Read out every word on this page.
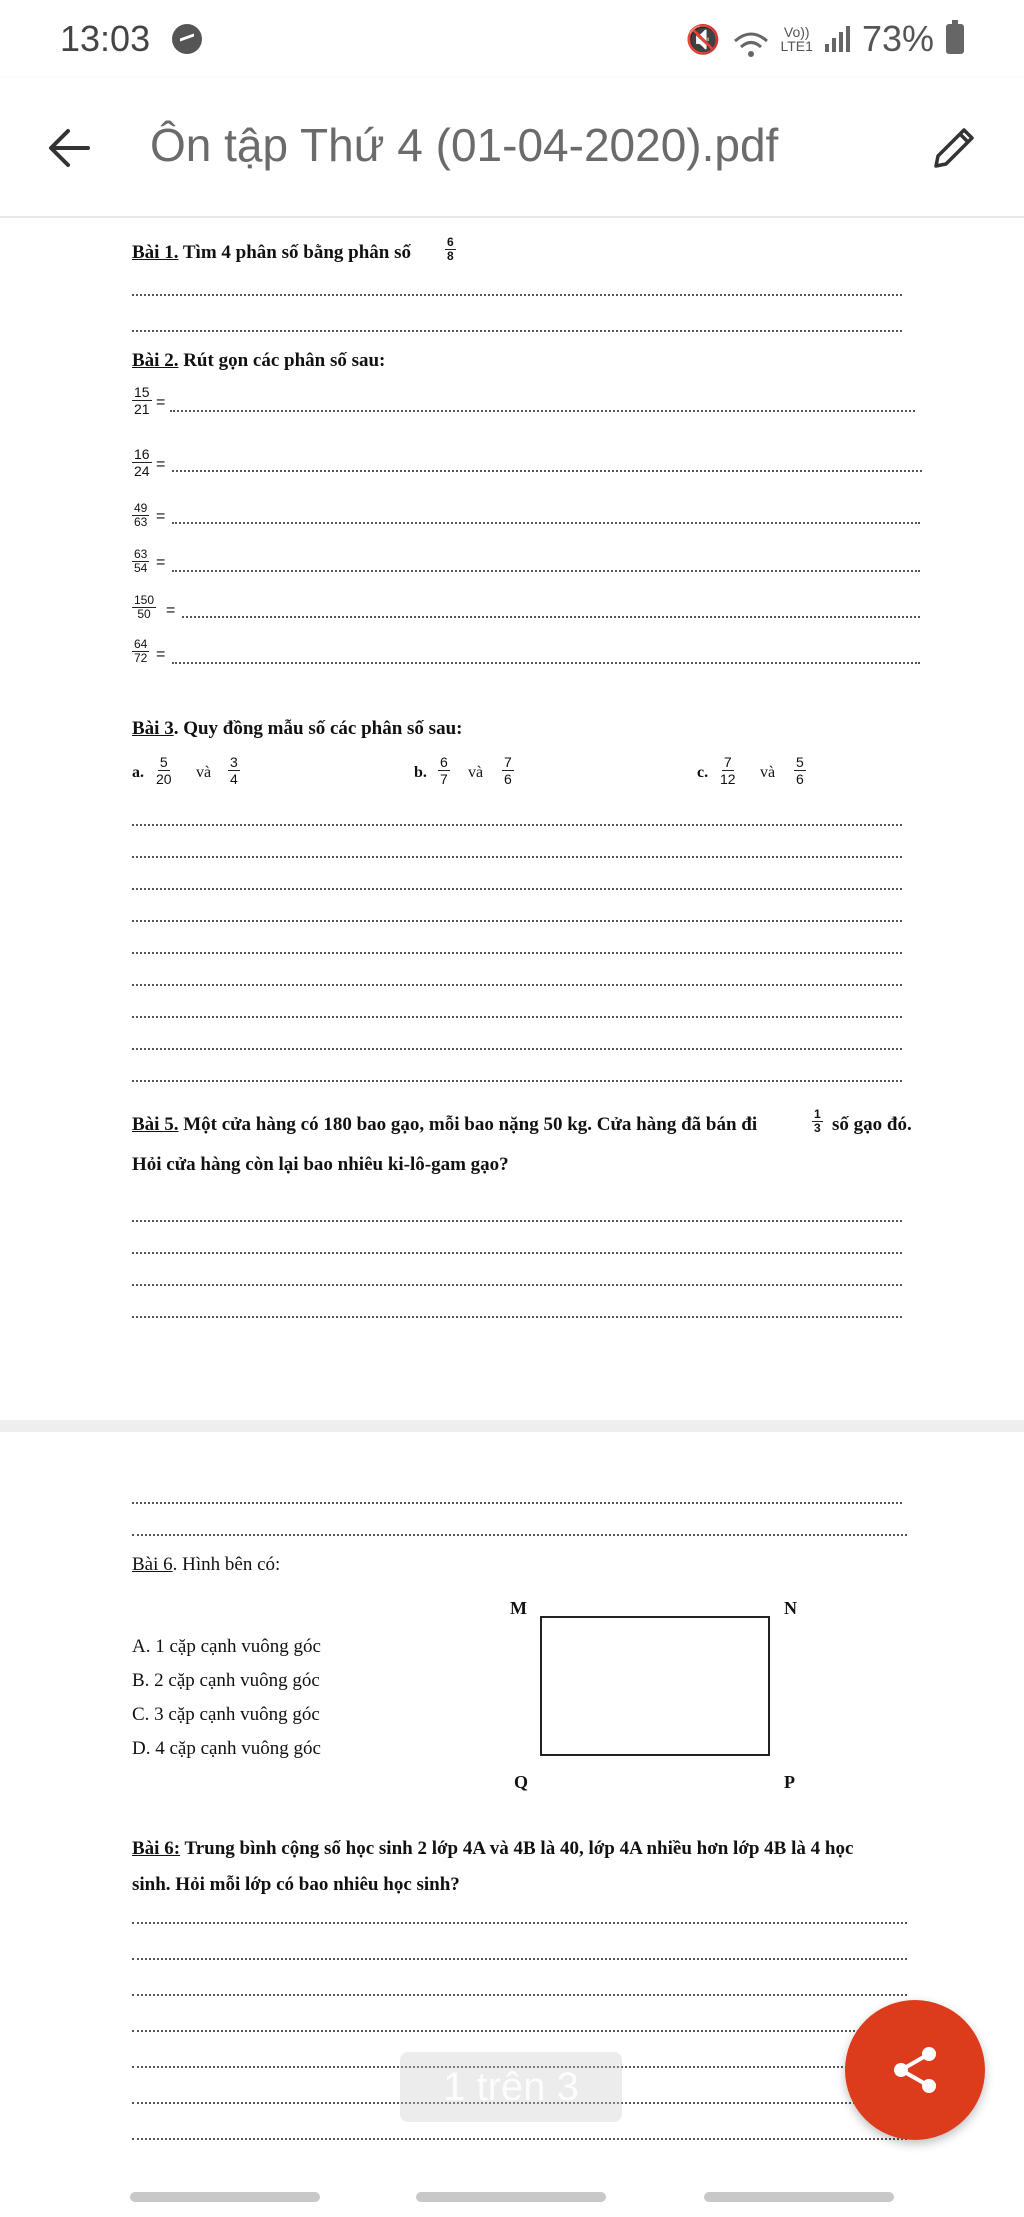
13:03	🔇	Vo))
LTE1 73%
Ôn tập Thứ 4 (01-04-2020).pdf
Bài 1. Tìm 4 phân số bằng phân số	$\frac{6}{8}$
Bài 2. Rút gọn các phân số sau:
$\frac{15}{21}$ =
$\frac{16}{24}$ =
$\frac{49}{63}$ =
$\frac{63}{54}$ =
$\frac{150}{50}$ =
$\frac{64}{72}$ =
Bài 3. Quy đồng mẫu số các phân số sau:
a. $\frac{5}{20}$ và $\frac{3}{4}$	b. $\frac{6}{7}$ và $\frac{7}{6}$	c. $\frac{7}{12}$ và $\frac{5}{6}$
Bài 5. Một cửa hàng có 180 bao gạo, mỗi bao nặng 50 kg. Cửa hàng đã bán đi	$\frac{1}{3}$ số gạo đó.
Hỏi cửa hàng còn lại bao nhiêu ki-lô-gam gạo?
Bài 6. Hình bên có:
A. 1 cặp cạnh vuông góc
B. 2 cặp cạnh vuông góc
C. 3 cặp cạnh vuông góc
D. 4 cặp cạnh vuông góc
M	N
Q	P
Bài 6: Trung bình cộng số học sinh 2 lớp 4A và 4B là 40, lớp 4A nhiều hơn lớp 4B là 4 học
sinh. Hỏi mỗi lớp có bao nhiêu học sinh?
1 trên 3
